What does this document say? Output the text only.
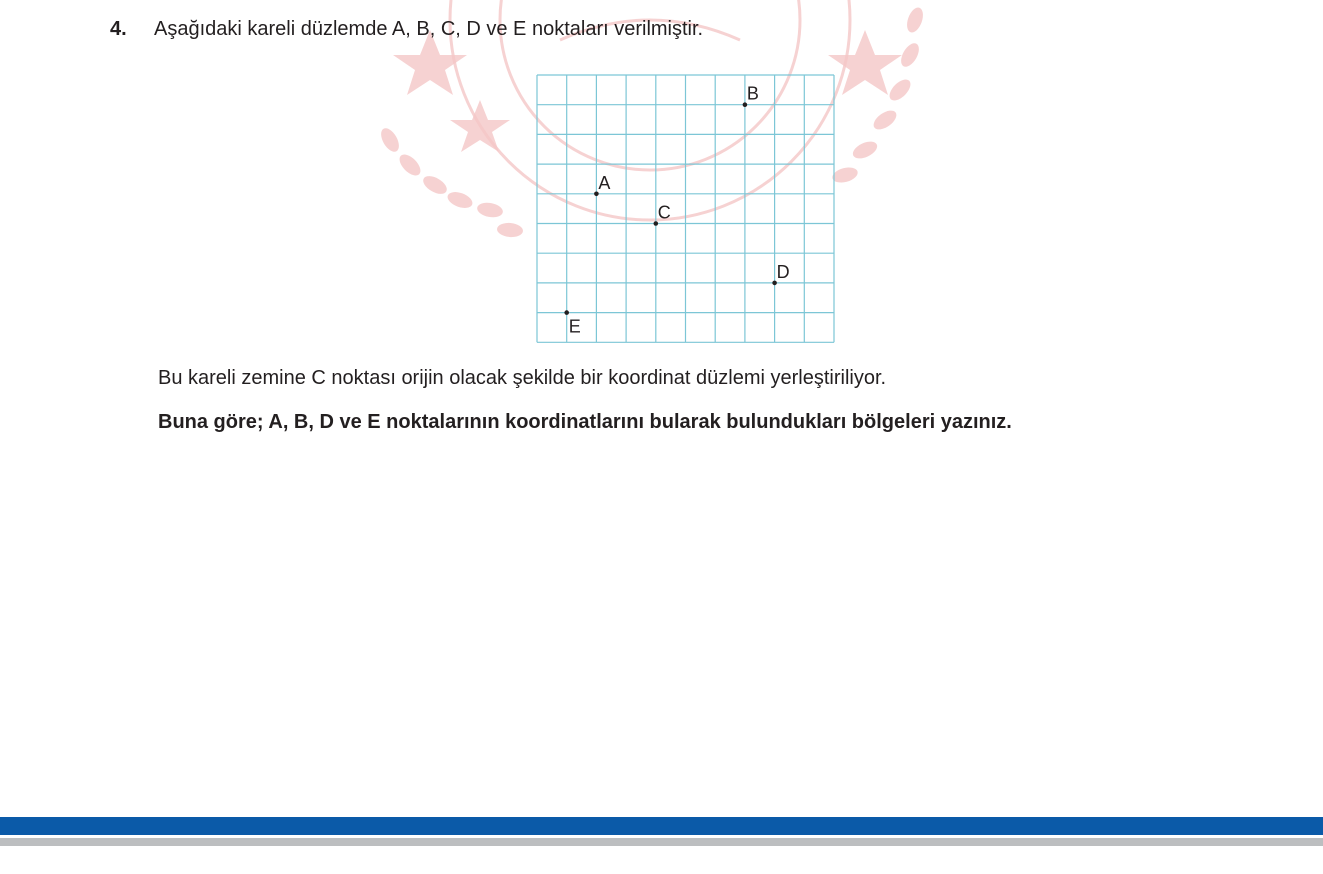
4. Aşağıdaki kareli düzlemde A, B, C, D ve E noktaları verilmiştir.
A
B
C
D
E
Bu kareli zemine C noktası orijin olacak şekilde bir koordinat düzlemi yerleştiriliyor.
Buna göre; A, B, D ve E noktalarının koordinatlarını bularak bulundukları bölgeleri yazınız.
